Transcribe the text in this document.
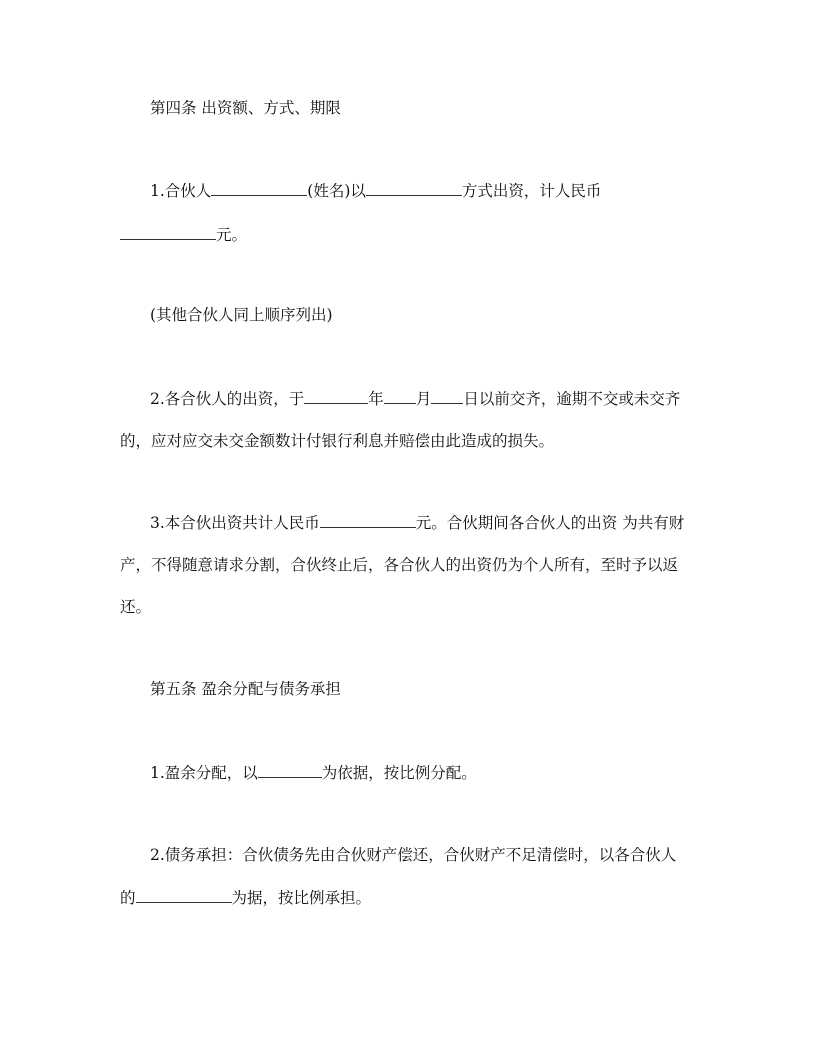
第四条 出资额、方式、期限
1.合伙人	(姓名)以	方式出资，计人民币
元。
(其他合伙人同上顺序列出)
2.各合伙人的出资，于	年 月 日以前交齐，逾期不交或未交齐
的，应对应交未交金额数计付银行利息并赔偿由此造成的损失。
3.本合伙出资共计人民币	元。合伙期间各合伙人的出资 为共有财
产，不得随意请求分割，合伙终止后，各合伙人的出资仍为个人所有，至时予以返
还。
第五条 盈余分配与债务承担
1.盈余分配，以	为依据，按比例分配。
2.债务承担：合伙债务先由合伙财产偿还，合伙财产不足清偿时，以各合伙人
的	为据，按比例承担。
